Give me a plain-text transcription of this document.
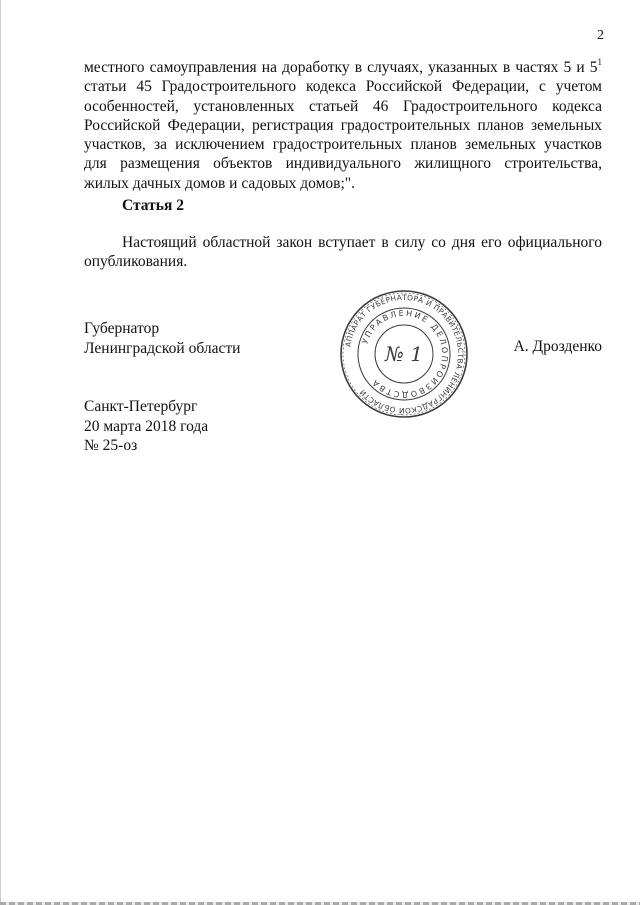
2
местного самоуправления на доработку в случаях, указанных в частях 5 и $5^1$ статьи 45 Градостроительного кодекса Российской Федерации, с учетом особенностей, установленных статьей 46 Градостроительного кодекса Российской Федерации, регистрация градостроительных планов земельных участков, за исключением градостроительных планов земельных участков для размещения объектов индивидуального жилищного строительства, жилых дачных домов и садовых домов;".
Статья 2
Настоящий областной закон вступает в силу со дня его официального опубликования.
Губернатор
Ленинградской области	АППАРАТ ГУБЕРНАТОРА И ПРАВИТЕЛЬСТВА ЛЕНИНГРАДСКОЙ ОБЛАСТИ
УПРАВЛЕНИЕ ДЕЛОПРОИЗВОДСТВА
№ 1	А. Дрозденко
Санкт-Петербург
20 марта 2018 года
№ 25-оз
